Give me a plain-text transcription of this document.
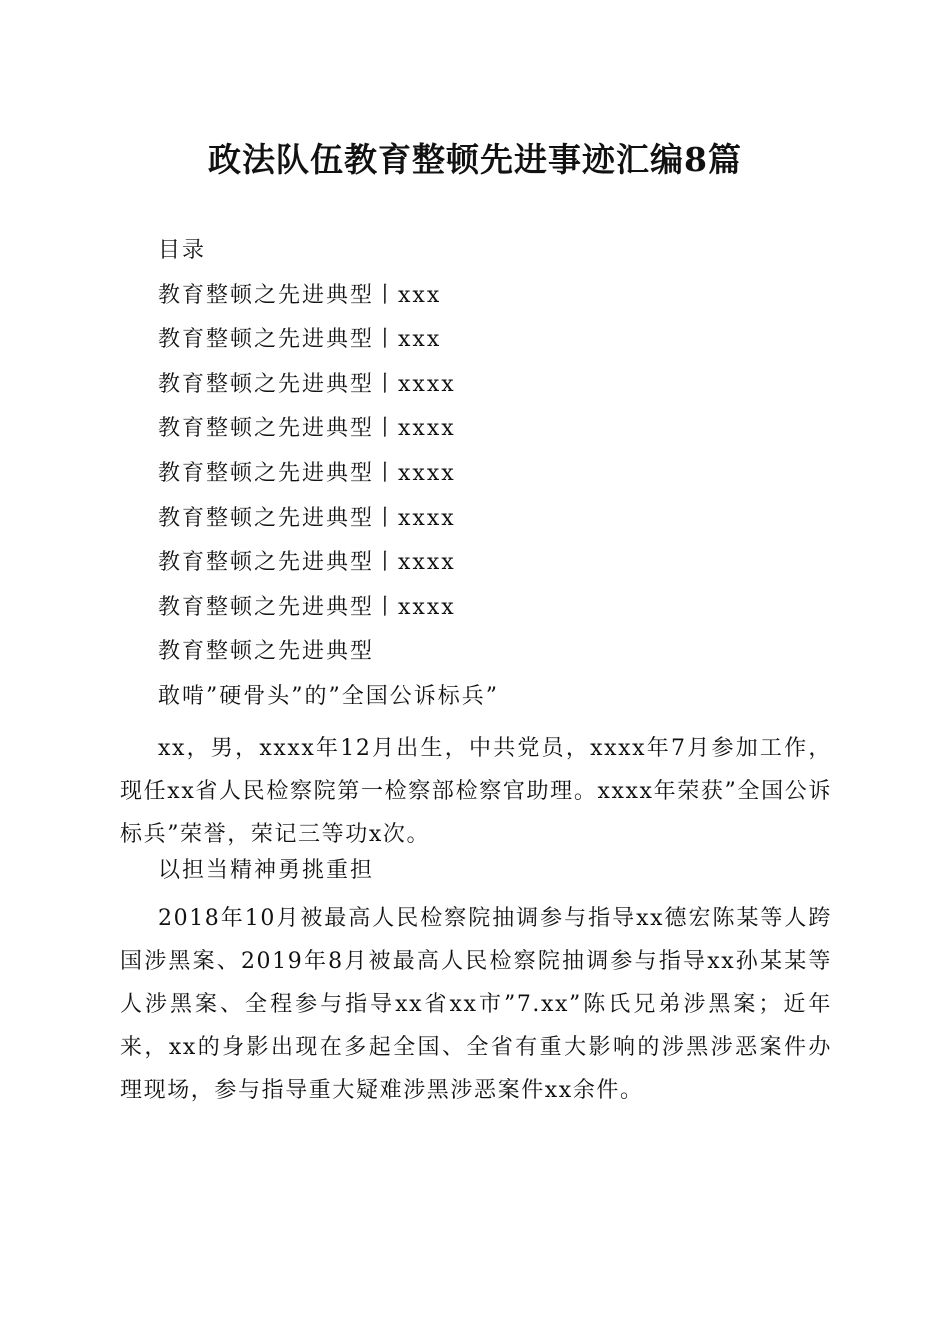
政法队伍教育整顿先进事迹汇编8篇
目录
教育整顿之先进典型丨xxx
教育整顿之先进典型丨xxx
教育整顿之先进典型丨xxxx
教育整顿之先进典型丨xxxx
教育整顿之先进典型丨xxxx
教育整顿之先进典型丨xxxx
教育整顿之先进典型丨xxxx
教育整顿之先进典型丨xxxx
教育整顿之先进典型
敢啃”硬骨头”的”全国公诉标兵”

xx，男，xxxx年12月出生，中共党员，xxxx年7月参加工作，现任xx省人民检察院第一检察部检察官助理。xxxx年荣获”全国公诉标兵”荣誉，荣记三等功x次。

以担当精神勇挑重担

2018年10月被最高人民检察院抽调参与指导xx德宏陈某等人跨国涉黑案、2019年8月被最高人民检察院抽调参与指导xx孙某某等人涉黑案、全程参与指导xx省xx市”7.xx”陈氏兄弟涉黑案；近年来，xx的身影出现在多起全国、全省有重大影响的涉黑涉恶案件办理现场，参与指导重大疑难涉黑涉恶案件xx余件。
